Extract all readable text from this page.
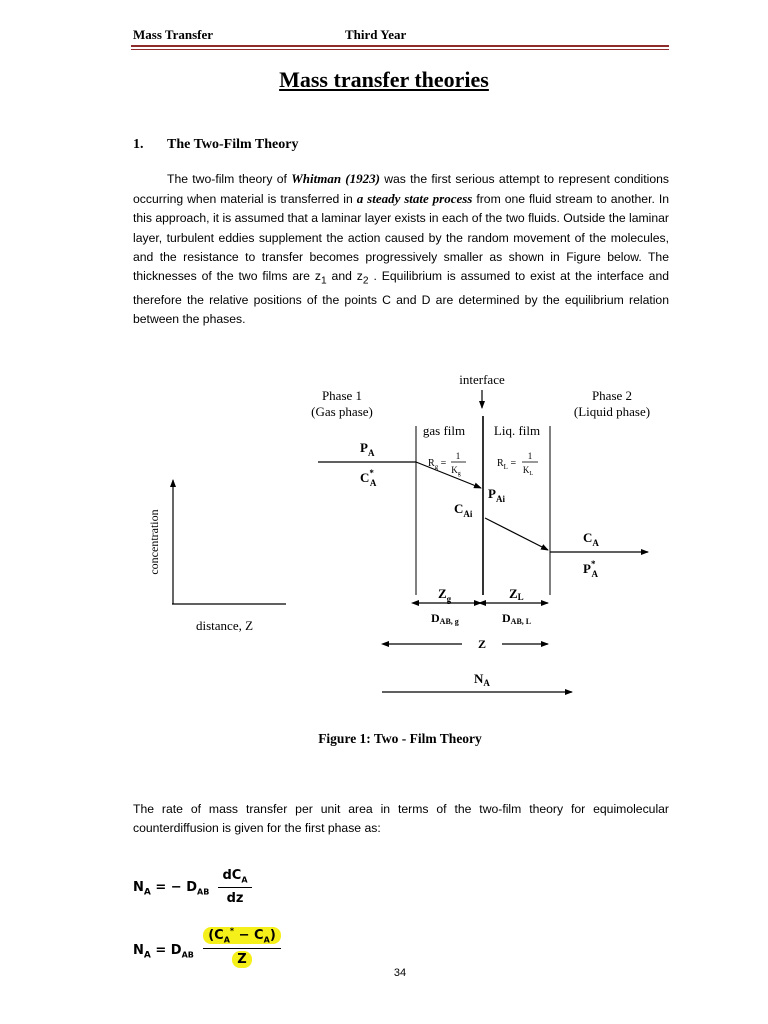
Mass Transfer	Third Year
Mass transfer theories
1. The Two-Film Theory
The two-film theory of Whitman (1923) was the first serious attempt to represent conditions occurring when material is transferred in a steady state process from one fluid stream to another. In this approach, it is assumed that a laminar layer exists in each of the two fluids. Outside the laminar layer, turbulent eddies supplement the action caused by the random movement of the molecules, and the resistance to transfer becomes progressively smaller as shown in Figure below. The thicknesses of the two films are $z_1$ and $z_2$ . Equilibrium is assumed to exist at the interface and therefore the relative positions of the points C and D are determined by the equilibrium relation between the phases.
interface
Phase 1
(Gas phase)
Phase 2
(Liquid phase)
gas film Liq. film
$P_A$
C* A
$R_g$ =
1
$K_g$
$R_L$ =
1
$K_L$
$P_{Ai}$
$C_{Ai}$
$C_A$
P* A
concentration
distance, Z
$Z_g$	ZL
DAB, g	DAB, L
Z
$N_A$
Figure 1: Two - Film Theory
The rate of mass transfer per unit area in terms of the two-film theory for equimolecular counterdiffusion is given for the first phase as:
$N_A$ = − $D_{AB}$
$dC_A$
dz
$N_A = D_{AB}$
$(C_A^* - C_A)$
Z
34
